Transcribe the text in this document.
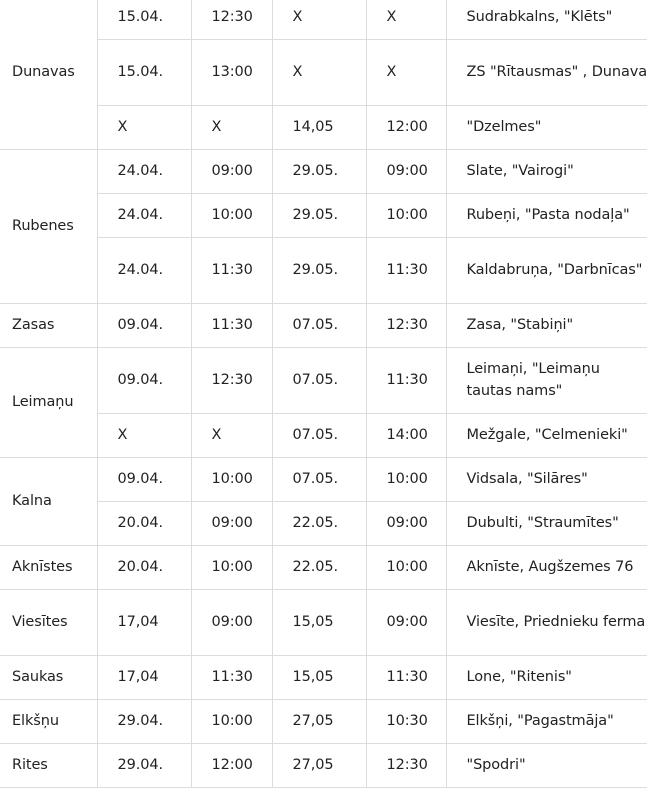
Dunavas	15.04.	12:30	X	X	Sudrabkalns, "Klēts"
	15.04.	13:00	X	X	ZS "Rītausmas" , Dunava
	X	X	14,05	12:00	"Dzelmes"
Rubenes	24.04.	09:00	29.05.	09:00	Slate, "Vairogi"
	24.04.	10:00	29.05.	10:00	Rubeņi, "Pasta nodaļa"
	24.04.	11:30	29.05.	11:30	Kaldabruņa, "Darbnīcas"
Zasas	09.04.	11:30	07.05.	12:30	Zasa, "Stabiņi"
Leimaņu	09.04.	12:30	07.05.	11:30	Leimaņi, "Leimaņu tautas nams"
	X	X	07.05.	14:00	Mežgale, "Celmenieki"
Kalna	09.04.	10:00	07.05.	10:00	Vidsala, "Silāres"
	20.04.	09:00	22.05.	09:00	Dubulti, "Straumītes"
Aknīstes	20.04.	10:00	22.05.	10:00	Aknīste, Augšzemes 76
Viesītes	17,04	09:00	15,05	09:00	Viesīte, Priednieku ferma
Saukas	17,04	11:30	15,05	11:30	Lone, "Ritenis"
Elkšņu	29.04.	10:00	27,05	10:30	Elkšņi, "Pagastmāja"
Rites	29.04.	12:00	27,05	12:30	"Spodri"
